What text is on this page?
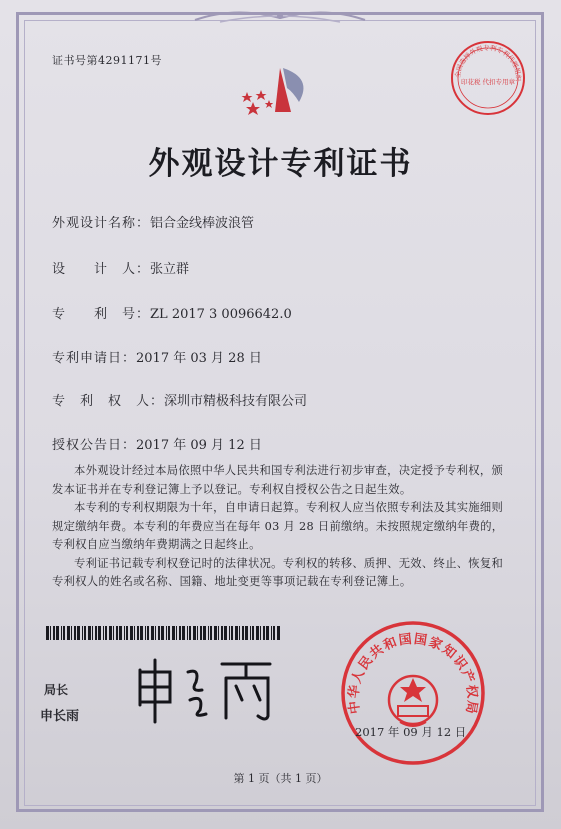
证书号第4291171号
全国选择外观专利专利代理组织
印花税 代扣专用章
外观设计专利证书
外观设计名称：铝合金线棒波浪管
设　　计　人：张立群
专　　利　号：ZL 2017 3 0096642.0
专利申请日：2017 年 03 月 28 日
专　利　权　人：深圳市精极科技有限公司
授权公告日：2017 年 09 月 12 日

本外观设计经过本局依照中华人民共和国专利法进行初步审查，决定授予专利权，颁发本证书并在专利登记簿上予以登记。专利权自授权公告之日起生效。

本专利的专利权期限为十年，自申请日起算。专利权人应当依照专利法及其实施细则规定缴纳年费。本专利的年费应当在每年 03 月 28 日前缴纳。未按照规定缴纳年费的，专利权自应当缴纳年费期满之日起终止。

专利证书记载专利权登记时的法律状况。专利权的转移、质押、无效、终止、恢复和专利权人的姓名或名称、国籍、地址变更等事项记载在专利登记簿上。

局长
申长雨
中华人民共和国国家知识产权局
2017 年 09 月 12 日
第 1 页（共 1 页）
